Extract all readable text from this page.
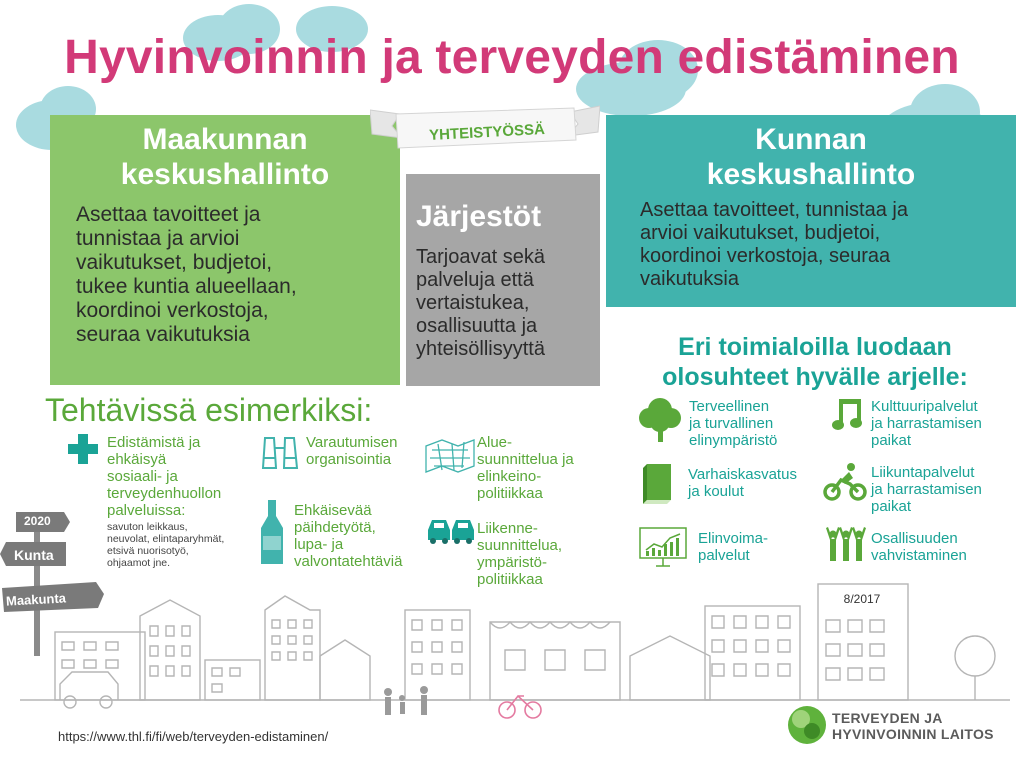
Hyvinvoinnin ja terveyden edistäminen
Maakunnan
keskushallinto

Asettaa tavoitteet ja
tunnistaa ja arvioi
vaikutukset, budjetoi,
tukee kuntia alueellaan,
koordinoi verkostoja,
seuraa vaikutuksia

Järjestöt

Tarjoavat sekä
palveluja että
vertaistukea,
osallisuutta ja
yhteisöllisyyttä

Kunnan
keskushallinto

Asettaa tavoitteet, tunnistaa ja
arvioi vaikutukset, budjetoi,
koordinoi verkostoja, seuraa
vaikutuksia

YHTEISTYÖSSÄ
Tehtävissä esimerkiksi:
Edistämistä ja
ehkäisyä
sosiaali- ja
terveydenhuollon
palveluissa:
savuton leikkaus,
neuvolat, elintaparyhmät,
etsivä nuorisotyö,
ohjaamot jne.
Varautumisen
organisointia
Ehkäisevää
päihdetyötä,
lupa- ja
valvontatehtäviä
Alue-
suunnittelua ja
elinkeino-
politiikkaa
Liikenne-
suunnittelua,
ympäristö-
politiikkaa
Eri toimialoilla luodaan
olosuhteet hyvälle arjelle:
Terveellinen
ja turvallinen
elinympäristö
Kulttuuripalvelut
ja harrastamisen
paikat
Varhaiskasvatus
ja koulut
Liikuntapalvelut
ja harrastamisen
paikat
Elinvoima-
palvelut
Osallisuuden
vahvistaminen
2020
Kunta
Maakunta	8/2017
https://www.thl.fi/fi/web/terveyden-edistaminen/
TERVEYDEN JA
HYVINVOINNIN LAITOS
